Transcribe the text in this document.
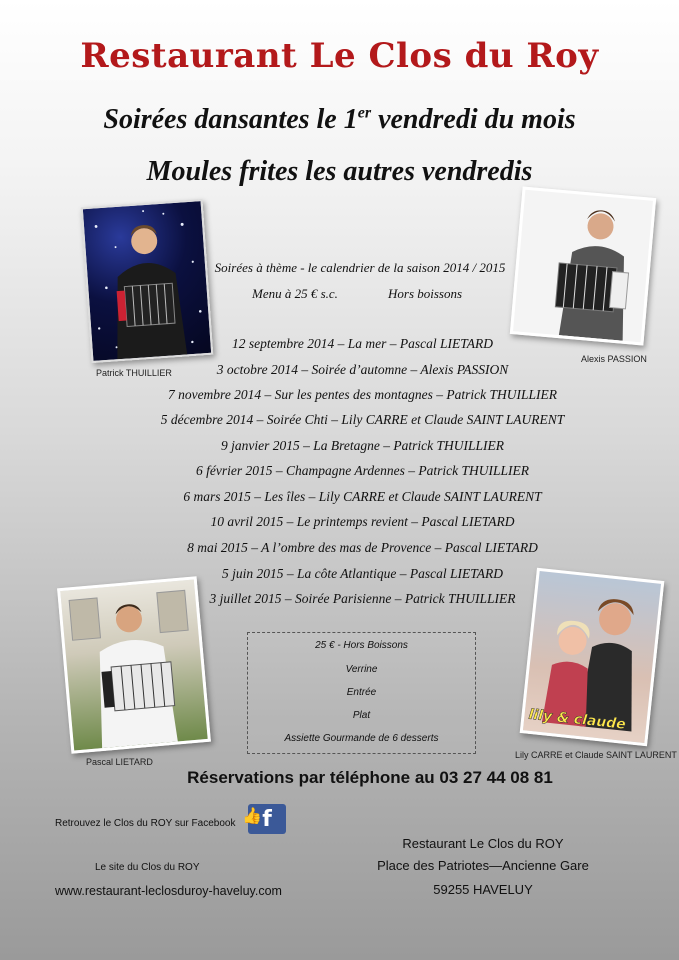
Restaurant Le Clos du Roy
Soirées dansantes le 1er vendredi du mois
Moules frites les autres vendredis
Patrick THUILLIER
Alexis PASSION
Soirées à thème - le calendrier de la saison 2014 / 2015
Menu à 25 € s.c.	Hors boissons
12 septembre 2014 – La mer – Pascal LIETARD
3 octobre 2014 – Soirée d’automne – Alexis PASSION
7 novembre 2014 – Sur les pentes des montagnes – Patrick THUILLIER
5 décembre 2014 – Soirée Chti – Lily CARRE et Claude SAINT LAURENT
9 janvier 2015 – La Bretagne – Patrick THUILLIER
6 février 2015 – Champagne Ardennes – Patrick THUILLIER
6 mars 2015 – Les îles – Lily CARRE et Claude SAINT LAURENT
10 avril 2015 – Le printemps revient – Pascal LIETARD
8 mai 2015 – A l’ombre des mas de Provence – Pascal LIETARD
5 juin 2015 – La côte Atlantique – Pascal LIETARD
3 juillet 2015 – Soirée Parisienne – Patrick THUILLIER
Pascal LIETARD
25 € - Hors Boissons
Verrine
Entrée
Plat
Assiette Gourmande de 6 desserts
lily & claude
Lily CARRE et Claude SAINT LAURENT
Réservations par téléphone au 03 27 44 08 81
Retrouvez le Clos du ROY sur Facebook 👍 f
Le site du Clos du ROY
www.restaurant-leclosduroy-haveluy.com
Restaurant Le Clos du ROY
Place des Patriotes—Ancienne Gare
59255 HAVELUY
